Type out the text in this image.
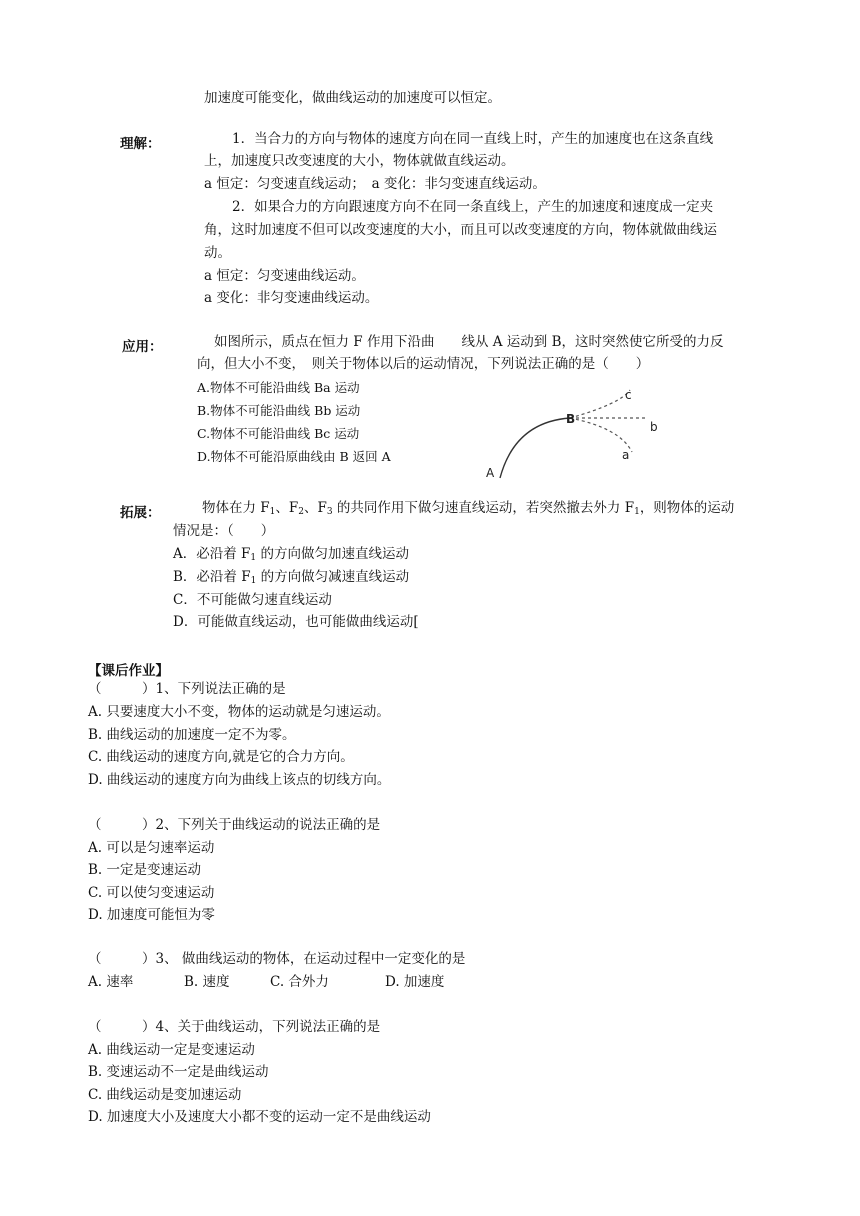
加速度可能变化，做曲线运动的加速度可以恒定。
理解：	1．当合力的方向与物体的速度方向在同一直线上时，产生的加速度也在这条直线
上，加速度只改变速度的大小，物体就做直线运动。
a 恒定：匀变速直线运动；　a 变化：非匀变速直线运动。
2．如果合力的方向跟速度方向不在同一条直线上，产生的加速度和速度成一定夹
角，这时加速度不但可以改变速度的大小，而且可以改变速度的方向，物体就做曲线运
动。
a 恒定：匀变速曲线运动。
a 变化：非匀变速曲线运动。
应用：	如图所示，质点在恒力 F 作用下沿曲　　线从 A 运动到 B，这时突然使它所受的力反
向，但大小不变，　则关于物体以后的运动情况，下列说法正确的是（　　）
A.物体不可能沿曲线 Ba 运动
B.物体不可能沿曲线 Bb 运动
C.物体不可能沿曲线 Bc 运动
D.物体不可能沿原曲线由 B 返回 A
A
B
c
b
a
拓展：	物体在力 $F_1$、$F_2$、$F_3$ 的共同作用下做匀速直线运动，若突然撤去外力 $F_1$，则物体的运动
情况是：（　　）
A．必沿着 $F_1$ 的方向做匀加速直线运动
B．必沿着 $F_1$ 的方向做匀减速直线运动
C．不可能做匀速直线运动
D．可能做直线运动，也可能做曲线运动[
【课后作业】
（　　　）1、下列说法正确的是
A. 只要速度大小不变，物体的运动就是匀速运动。
B. 曲线运动的加速度一定不为零。
C. 曲线运动的速度方向,就是它的合力方向。
D. 曲线运动的速度方向为曲线上该点的切线方向。
（　　　）2、下列关于曲线运动的说法正确的是
A. 可以是匀速率运动
B. 一定是变速运动
C. 可以使匀变速运动
D. 加速度可能恒为零
（　　　）3、 做曲线运动的物体，在运动过程中一定变化的是
A. 速率	B. 速度	C. 合外力	D. 加速度
（　　　）4、关于曲线运动，下列说法正确的是
A. 曲线运动一定是变速运动
B. 变速运动不一定是曲线运动
C. 曲线运动是变加速运动
D. 加速度大小及速度大小都不变的运动一定不是曲线运动
